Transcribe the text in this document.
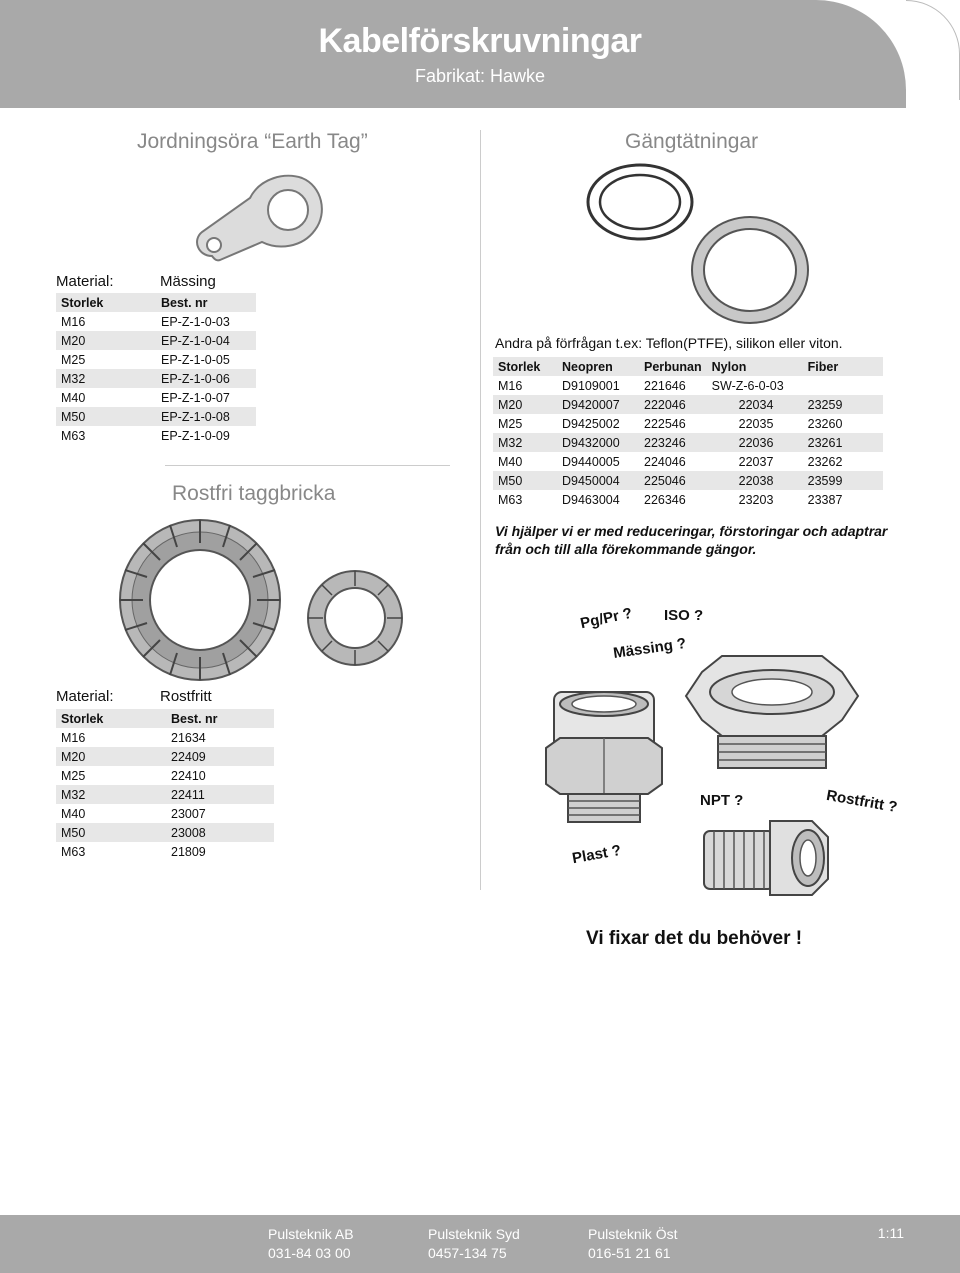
Kabelförskruvningar
Fabrikat: Hawke
Jordningsöra “Earth Tag”
Material:	Mässing
Storlek	Best. nr
M16	EP-Z-1-0-03
M20	EP-Z-1-0-04
M25	EP-Z-1-0-05
M32	EP-Z-1-0-06
M40	EP-Z-1-0-07
M50	EP-Z-1-0-08
M63	EP-Z-1-0-09
Rostfri taggbricka
Material:	Rostfritt
Storlek	Best. nr
M16	21634
M20	22409
M25	22410
M32	22411
M40	23007
M50	23008
M63	21809
Gängtätningar
Andra på förfrågan t.ex: Teflon(PTFE), silikon eller viton.
Storlek	Neopren	Perbunan	Nylon	Fiber
M16	D9109001	221646	SW-Z-6-0-03	
M20	D9420007	222046	22034	23259
M25	D9425002	222546	22035	23260
M32	D9432000	223246	22036	23261
M40	D9440005	224046	22037	23262
M50	D9450004	225046	22038	23599
M63	D9463004	226346	23203	23387
Vi hjälper vi er med reduceringar, förstoringar och adaptrar från och till alla förekommande gängor.
Pg/Pr ? ISO ?
Mässing ?
NPT ?	Rostfritt ?
Plast ?
Vi fixar det du behöver !
Pulsteknik AB
031-84 03 00
Pulsteknik Syd
0457-134 75
Pulsteknik Öst
016-51 21 61
1:11
